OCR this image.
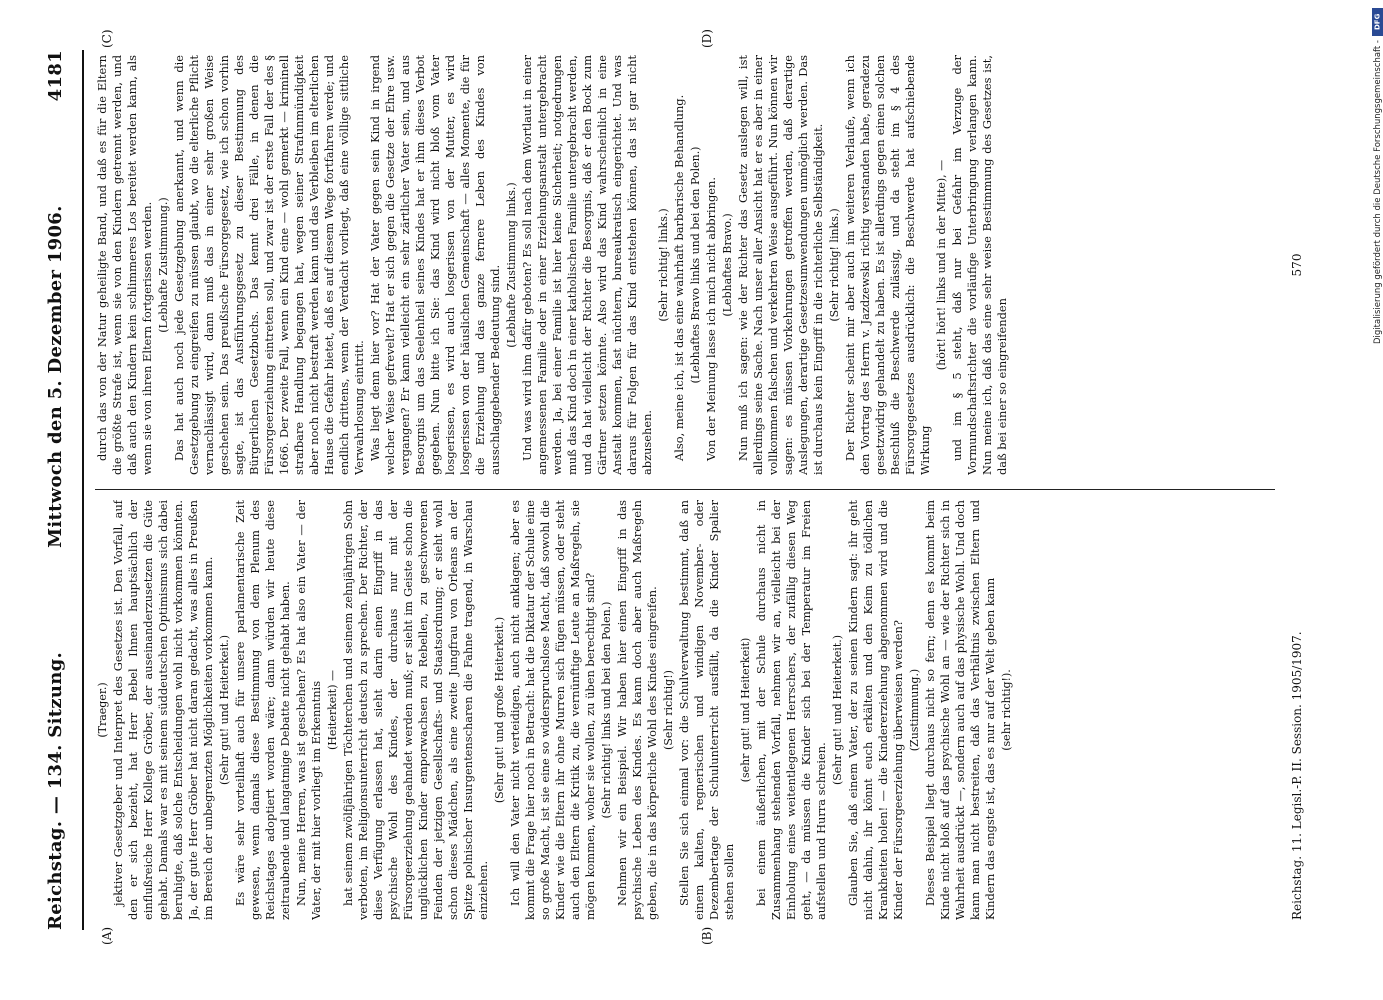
Reichstag. — 134. Sitzung.
Mittwoch den 5. Dezember 1906.
4181
(A)	(B)
(C)	(D)

(Traeger.) jektiver Gesetzgeber und Interpret des Gesetzes ist. Den Vorfall, auf den er sich bezieht, hat Herr Bebel Ihnen hauptsächlich der einflußreiche Herr Kollege Gröber, der auseinanderzusetzen die Güte gehabt. Damals war es mit seinem süddeutschen Optimismus sich dabei beruhigte, daß solche Entscheidungen wohl nicht vorkommen könnten. Ja, der gute Herr Gröber hat nicht daran gedacht, was alles in Preußen im Bereich der unbegrenzten Möglichkeiten vorkommen kann. (Sehr gut! und Heiterkeit.) Es wäre sehr vorteilhaft auch für unsere parlamentarische Zeit gewesen, wenn damals diese Bestimmung von dem Plenum des Reichstages adoptiert worden wäre; dann würden wir heute diese zeitraubende und langatmige Debatte nicht gehabt haben. Nun, meine Herren, was ist geschehen? Es hat also ein Vater — der Vater, der mit hier vorliegt im Erkenntnis (Heiterkeit) — hat seinem zwölfjährigen Töchterchen und seinem zehnjährigen Sohn verboten, im Religionsunterricht deutsch zu sprechen. Der Richter, der diese Verfügung erlassen hat, sieht darin einen Eingriff in das psychische Wohl des Kindes, der durchaus nur mit der Fürsorgeerziehung geahndet werden muß; er sieht im Geiste schon die unglücklichen Kinder emporwachsen zu Rebellen, zu geschworenen Feinden der jetzigen Gesellschafts- und Staatsordnung; er sieht wohl schon dieses Mädchen, als eine zweite Jungfrau von Orleans an der Spitze polnischer Insurgentenscharen die Fahne tragend, in Warschau einziehen.

(Sehr gut! und große Heiterkeit.) Ich will den Vater nicht verteidigen, auch nicht anklagen; aber es kommt die Frage hier noch in Betracht: hat die Diktatur der Schule eine so große Macht, ist sie eine so widerspruchslose Macht, daß sowohl die Kinder wie die Eltern ihr ohne Murren sich fügen müssen, oder steht auch den Eltern die Kritik zu, die vernünftige Leute an Maßregeln, sie mögen kommen, woher sie wollen, zu üben berechtigt sind? (Sehr richtig! links und bei den Polen.) Nehmen wir ein Beispiel. Wir haben hier einen Eingriff in das psychische Leben des Kindes. Es kann doch aber auch Maßregeln geben, die in das körperliche Wohl des Kindes eingreifen. (Sehr richtig!) Stellen Sie sich einmal vor: die Schulverwaltung bestimmt, daß an einem kalten, regnerischen und windigen November- oder Dezembertage der Schulunterricht ausfällt, da die Kinder Spalier stehen sollen

(sehr gut! und Heiterkeit) bei einem äußerlichen, mit der Schule durchaus nicht in Zusammenhang stehenden Vorfall, nehmen wir an, vielleicht bei der Einholung eines weitentlegenen Herrschers, der zufällig diesen Weg geht, — da müssen die Kinder sich bei der Temperatur im Freien aufstellen und Hurra schreien.

(Sehr gut! und Heiterkeit.) Glauben Sie, daß einem Vater, der zu seinen Kindern sagt: ihr geht nicht dahin, ihr könnt euch erkälten und den Keim zu tödlichen Krankheiten holen! — die Kindererziehung abgenommen wird und die Kinder der Fürsorgeerziehung überweisen werden? (Zustimmung.) Dieses Beispiel liegt durchaus nicht so fern; denn es kommt beim Kinde nicht bloß auf das psychische Wohl an — wie der Richter sich in Wahrheit ausdrückt —, sondern auch auf das physische Wohl. Und doch kann man nicht bestreiten, daß das Verhältnis zwischen Eltern und Kindern das engste ist, das es nur auf der Welt geben kann (sehr richtig!).

durch das von der Natur geheiligte Band, und daß es für die Eltern die größte Strafe ist, wenn sie von den Kindern getrennt werden, und daß auch den Kindern kein schlimmeres Los bereitet werden kann, als wenn sie von ihren Eltern fortgerissen werden. (Lebhafte Zustimmung.) Das hat auch noch jede Gesetzgebung anerkannt, und wenn die Gesetzgebung zu eingreifen zu müssen glaubt, wo die elterliche Pflicht vernachlässigt wird, dann muß das in einer sehr großen Weise geschehen sein. Das preußische Fürsorgegesetz, wie ich schon vorhin sagte, ist das Ausführungsgesetz zu dieser Bestimmung des Bürgerlichen Gesetzbuchs. Das kennt drei Fälle, in denen die Fürsorgeerziehung eintreten soll, und zwar ist der erste Fall der des § 1666. Der zweite Fall, wenn ein Kind eine — wohl gemerkt — kriminell strafbare Handlung begangen hat, wegen seiner Strafunmündigkeit aber noch nicht bestraft werden kann und das Verbleiben im elterlichen Hause die Gefahr bietet, daß es auf diesem Wege fortfahren werde; und endlich drittens, wenn der Verdacht vorliegt, daß eine völlige sittliche Verwahrlosung eintritt. Was liegt denn hier vor? Hat der Vater gegen sein Kind in irgend welcher Weise gefrevelt? Hat er sich gegen die Gesetze der Ehre usw. vergangen? Er kann vielleicht ein sehr zärtlicher Vater sein, und aus Besorgnis um das Seelenheil seines Kindes hat er ihm dieses Verbot gegeben. Nun bitte ich Sie: das Kind wird nicht bloß vom Vater losgerissen, es wird auch losgerissen von der Mutter, es wird losgerissen von der häuslichen Gemeinschaft — alles Momente, die für die Erziehung und das ganze fernere Leben des Kindes von ausschlaggebender Bedeutung sind. (Lebhafte Zustimmung links.) Und was wird ihm dafür geboten? Es soll nach dem Wortlaut in einer angemessenen Familie oder in einer Erziehungsanstalt untergebracht werden. Ja, bei einer Familie ist hier keine Sicherheit; notgedrungen muß das Kind doch in einer katholischen Familie untergebracht werden, und da hat vielleicht der Richter die Besorgnis, daß er den Bock zum Gärtner setzen könnte. Also wird das Kind wahrscheinlich in eine Anstalt kommen, fast nüchtern, bureaukratisch eingerichtet. Und was daraus für Folgen für das Kind entstehen können, das ist gar nicht abzusehen.

(Sehr richtig! links.) Also, meine ich, ist das eine wahrhaft barbarische Behandlung. (Lebhaftes Bravo links und bei den Polen.) Von der Meinung lasse ich mich nicht abbringen. (Lebhaftes Bravo.) Nun muß ich sagen: wie der Richter das Gesetz auslegen will, ist allerdings seine Sache. Nach unser aller Ansicht hat er es aber in einer vollkommen falschen und verkehrten Weise ausgeführt. Nun können wir sagen: es müssen Vorkehrungen getroffen werden, daß derartige Auslegungen, derartige Gesetzesumwendungen unmöglich werden. Das ist durchaus kein Eingriff in die richterliche Selbständigkeit. (Sehr richtig! links.) Der Richter scheint mir aber auch im weiteren Verlaufe, wenn ich den Vortrag des Herrn v. Jazdzewski richtig verstanden habe, geradezu gesetzwidrig gehandelt zu haben. Es ist allerdings gegen einen solchen Beschluß die Beschwerde zulässig, und da steht im § 4 des Fürsorgegesetzes ausdrücklich: die Beschwerde hat aufschiebende Wirkung

(hört! hört! links und in der Mitte), — und im § 5 steht, daß nur bei Gefahr im Verzuge der Vormundschaftsrichter die vorläufige Unterbringung verlangen kann. Nun meine ich, daß das eine sehr weise Bestimmung des Gesetzes ist, daß bei einer so eingreifenden

Reichstag. 11. Legisl.-P. II. Session. 1905/1907.
570
DFG
Digitalisierung gefördert durch die Deutsche Forschungsgemeinschaft -
